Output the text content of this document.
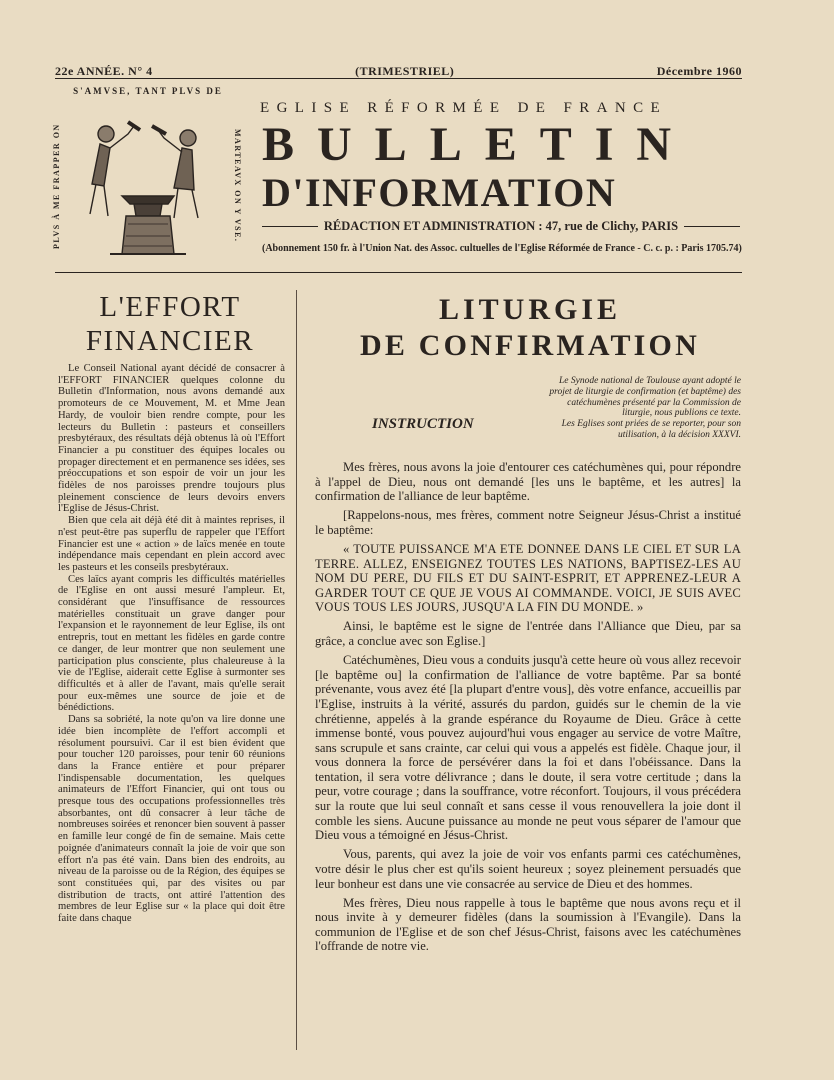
22e ANNÉE. N° 4	(TRIMESTRIEL)	Décembre 1960
S'AMVSE, TANT PLVS DE
PLVS À ME FRAPPER ON	MARTEAVX ON Y VSE.
EGLISE RÉFORMÉE DE FRANCE
BULLETIN
D'INFORMATION
RÉDACTION ET ADMINISTRATION : 47, rue de Clichy, PARIS
(Abonnement 150 fr. à l'Union Nat. des Assoc. cultuelles de l'Eglise Réformée de France - C. c. p. : Paris 1705.74)
L'EFFORT
FINANCIER

Le Conseil National ayant décidé de consacrer à l'EFFORT FINANCIER quelques colonne du Bulletin d'Information, nous avons demandé aux promoteurs de ce Mouvement, M. et Mme Jean Hardy, de vouloir bien rendre compte, pour les lecteurs du Bulletin : pasteurs et conseillers presbytéraux, des résultats déjà obtenus là où l'Effort Financier a pu constituer des équipes locales ou propager directement et en permanence ses idées, ses préoccupations et son espoir de voir un jour les fidèles de nos paroisses prendre toujours plus pleinement conscience de leurs devoirs envers l'Eglise de Jésus-Christ.

Bien que cela ait déjà été dit à maintes reprises, il n'est peut-être pas superflu de rappeler que l'Effort Financier est une « action » de laïcs menée en toute indépendance mais cependant en plein accord avec les pasteurs et les conseils presbytéraux.

Ces laïcs ayant compris les difficultés matérielles de l'Eglise en ont aussi mesuré l'ampleur. Et, considérant que l'insuffisance de ressources matérielles constituait un grave danger pour l'expansion et le rayonnement de leur Eglise, ils ont entrepris, tout en mettant les fidèles en garde contre ce danger, de leur montrer que non seulement une participation plus consciente, plus chaleureuse à la vie de l'Eglise, aiderait cette Eglise à surmonter ses difficultés et à aller de l'avant, mais qu'elle serait pour eux-mêmes une source de joie et de bénédictions.

Dans sa sobriété, la note qu'on va lire donne une idée bien incomplète de l'effort accompli et résolument poursuivi. Car il est bien évident que pour toucher 120 paroisses, pour tenir 60 réunions dans la France entière et pour préparer l'indispensable documentation, les quelques animateurs de l'Effort Financier, qui ont tous ou presque tous des occupations professionnelles très absorbantes, ont dû consacrer à leur tâche de nombreuses soirées et renoncer bien souvent à passer en famille leur congé de fin de semaine. Mais cette poignée d'animateurs connaît la joie de voir que son effort n'a pas été vain. Dans bien des endroits, au niveau de la paroisse ou de la Région, des équipes se sont constituées qui, par des visites ou par distribution de tracts, ont attiré l'attention des membres de leur Eglise sur « la place qui doit être faite dans chaque

LITURGIE
DE CONFIRMATION
INSTRUCTION

Le Synode national de Toulouse ayant adopté le projet de liturgie de confirmation (et baptême) des catéchumènes présenté par la Commission de liturgie, nous publions ce texte.

Les Eglises sont priées de se reporter, pour son utilisation, à la décision XXXVI.

Mes frères, nous avons la joie d'entourer ces catéchumènes qui, pour répondre à l'appel de Dieu, nous ont demandé [les uns le baptême, et les autres] la confirmation de l'alliance de leur baptême.

[Rappelons-nous, mes frères, comment notre Seigneur Jésus-Christ a institué le baptême:

« TOUTE PUISSANCE M'A ETE DONNEE DANS LE CIEL ET SUR LA TERRE. ALLEZ, ENSEIGNEZ TOUTES LES NATIONS, BAPTISEZ-LES AU NOM DU PERE, DU FILS ET DU SAINT-ESPRIT, ET APPRENEZ-LEUR A GARDER TOUT CE QUE JE VOUS AI COMMANDE. VOICI, JE SUIS AVEC VOUS TOUS LES JOURS, JUSQU'A LA FIN DU MONDE. »

Ainsi, le baptême est le signe de l'entrée dans l'Alliance que Dieu, par sa grâce, a conclue avec son Eglise.]

Catéchumènes, Dieu vous a conduits jusqu'à cette heure où vous allez recevoir [le baptême ou] la confirmation de l'alliance de votre baptême. Par sa bonté prévenante, vous avez été [la plupart d'entre vous], dès votre enfance, accueillis par l'Eglise, instruits à la vérité, assurés du pardon, guidés sur le chemin de la vie chrétienne, appelés à la grande espérance du Royaume de Dieu. Grâce à cette immense bonté, vous pouvez aujourd'hui vous engager au service de votre Maître, sans scrupule et sans crainte, car celui qui vous a appelés est fidèle. Chaque jour, il vous donnera la force de persévérer dans la foi et dans l'obéissance. Dans la tentation, il sera votre délivrance ; dans le doute, il sera votre certitude ; dans la peur, votre courage ; dans la souffrance, votre réconfort. Toujours, il vous précédera sur la route que lui seul connaît et sans cesse il vous renouvellera la joie dont il comble les siens. Aucune puissance au monde ne peut vous séparer de l'amour que Dieu vous a témoigné en Jésus-Christ.

Vous, parents, qui avez la joie de voir vos enfants parmi ces catéchumènes, votre désir le plus cher est qu'ils soient heureux ; soyez pleinement persuadés que leur bonheur est dans une vie consacrée au service de Dieu et des hommes.

Mes frères, Dieu nous rappelle à tous le baptême que nous avons reçu et il nous invite à y demeurer fidèles (dans la soumission à l'Evangile). Dans la communion de l'Eglise et de son chef Jésus-Christ, faisons avec les catéchumènes l'offrande de notre vie.
